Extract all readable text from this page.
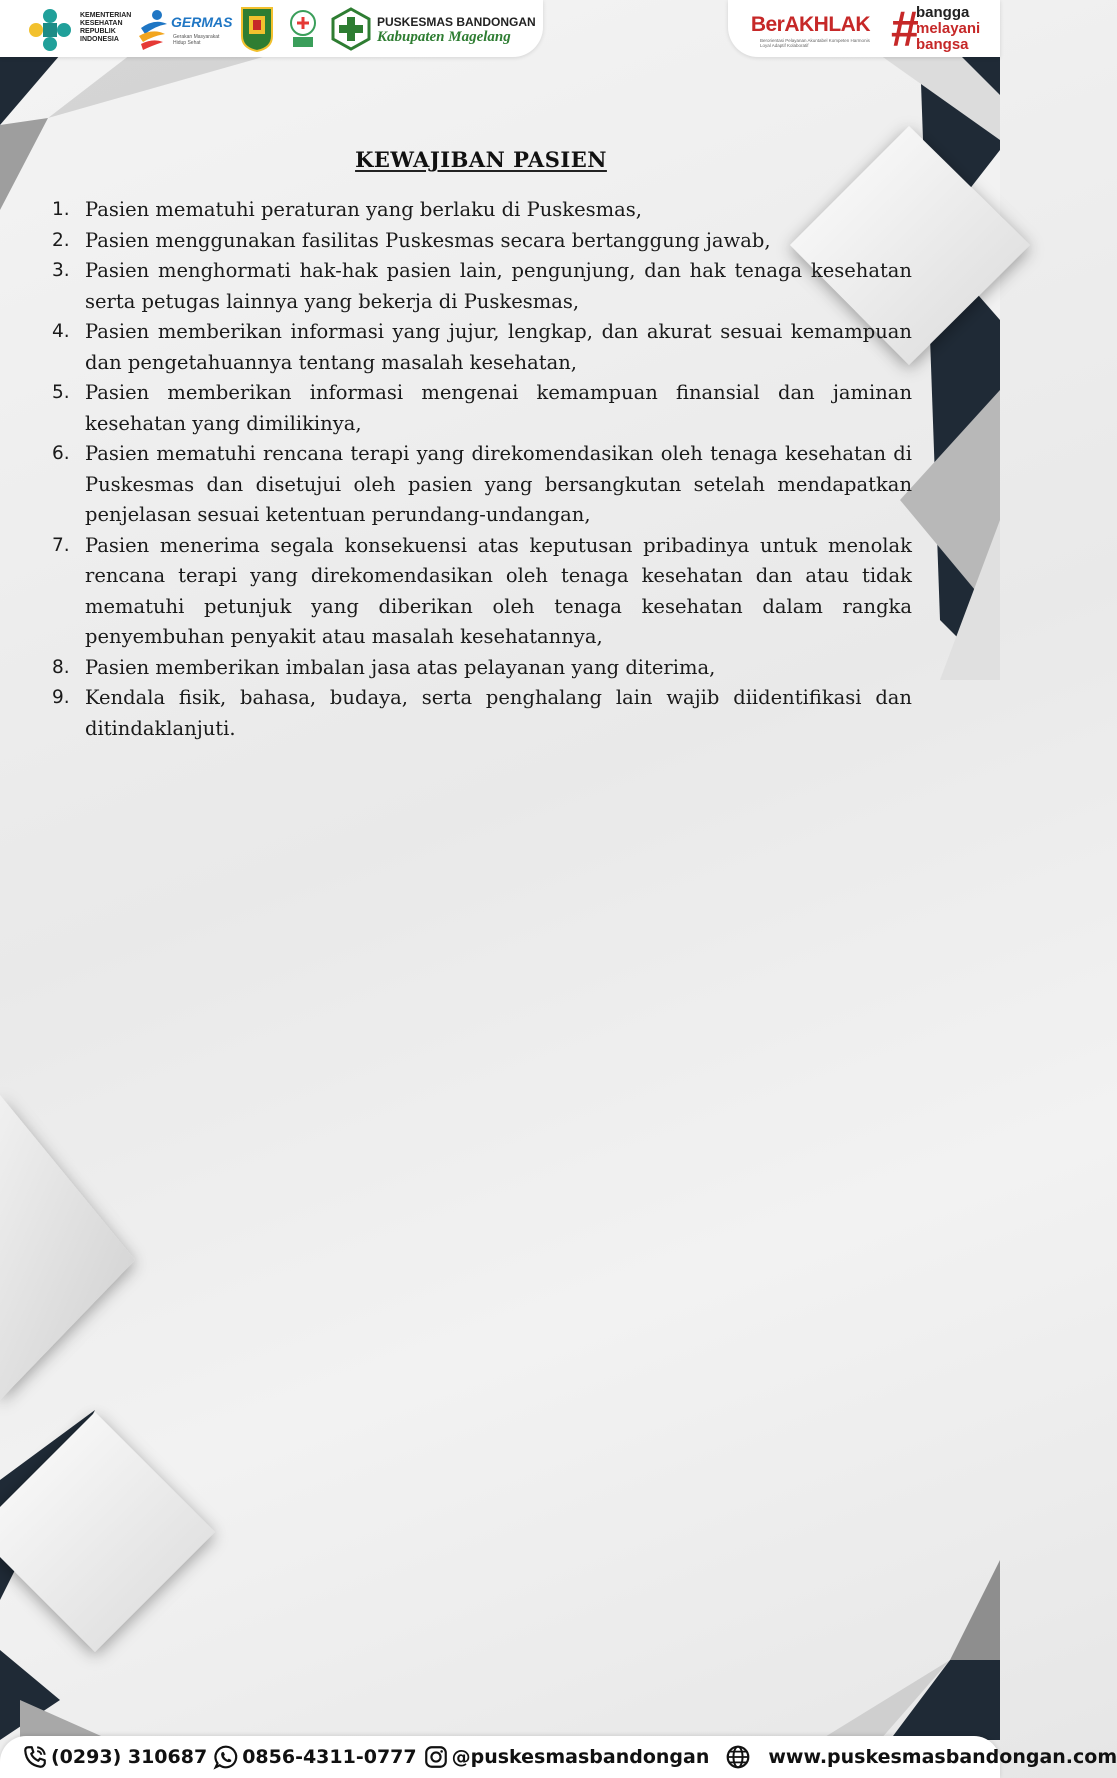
KEMENTERIAN KESEHATAN REPUBLIK INDONESIA
GERMAS
Gerakan Masyarakat Hidup Sehat
PUSKESMAS BANDONGAN
Kabupaten Magelang
BerAKHLAK
Berorientasi Pelayanan Akuntabel Kompeten Harmonis Loyal Adaptif Kolaboratif	#
bangga
melayani
bangsa
KEWAJIBAN PASIEN
1. Pasien mematuhi peraturan yang berlaku di Puskesmas,
2. Pasien menggunakan fasilitas Puskesmas secara bertanggung jawab,
3. Pasien menghormati hak-hak pasien lain, pengunjung, dan hak tenaga kesehatan serta petugas lainnya yang bekerja di Puskesmas,
4. Pasien memberikan informasi yang jujur, lengkap, dan akurat sesuai kemampuan dan pengetahuannya tentang masalah kesehatan,
5. Pasien memberikan informasi mengenai kemampuan finansial dan jaminan kesehatan yang dimilikinya,
6. Pasien mematuhi rencana terapi yang direkomendasikan oleh tenaga kesehatan di Puskesmas dan disetujui oleh pasien yang bersangkutan setelah mendapatkan penjelasan sesuai ketentuan perundang-undangan,
7. Pasien menerima segala konsekuensi atas keputusan pribadinya untuk menolak rencana terapi yang direkomendasikan oleh tenaga kesehatan dan atau tidak mematuhi petunjuk yang diberikan oleh tenaga kesehatan dalam rangka penyembuhan penyakit atau masalah kesehatannya,
8. Pasien memberikan imbalan jasa atas pelayanan yang diterima,
9. Kendala fisik, bahasa, budaya, serta penghalang lain wajib diidentifikasi dan ditindaklanjuti.
(0293) 310687 0856-4311-0777 @puskesmasbandongan	www.puskesmasbandongan.com
